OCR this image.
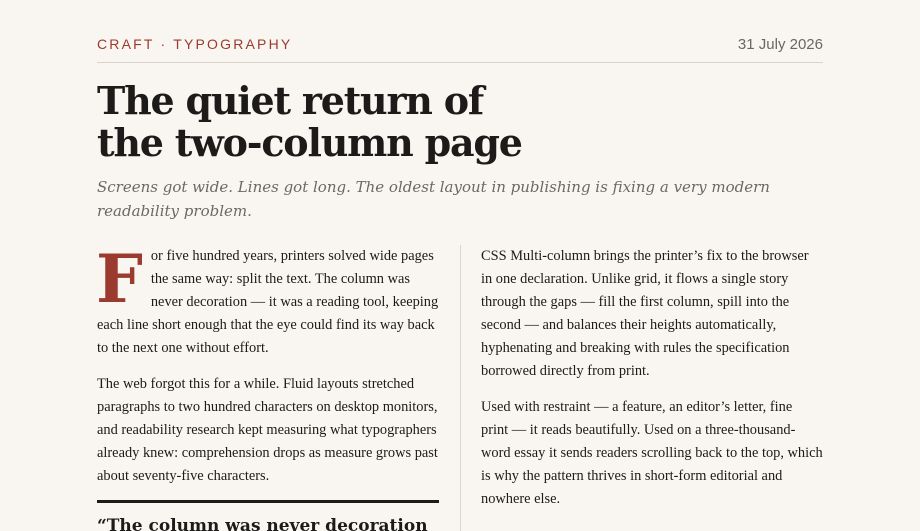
CRAFT · TYPOGRAPHY	31 July 2026
The quiet return of
the two-column page

Screens got wide. Lines got long. The oldest layout in publishing is fixing a very modern readability problem.

For five hundred years, printers solved wide pages the same way: split the text. The column was never decoration — it was a reading tool, keeping each line short enough that the eye could find its way back to the next one without effort.

The web forgot this for a while. Fluid layouts stretched paragraphs to two hundred characters on desktop monitors, and readability research kept measuring what typographers already knew: comprehension drops as measure grows past about seventy-five characters.

CSS Multi-column brings the printer’s fix to the browser in one declaration. Unlike grid, it flows a single story through the gaps — fill the first column, spill into the second — and balances their heights automatically, hyphenating and breaking with rules the specification borrowed directly from print.

Used with restraint — a feature, an editor’s letter, fine print — it reads beautifully. Used on a three-thousand-word essay it sends readers scrolling back to the top, which is why the pattern thrives in short-form editorial and nowhere else.

“The column was never decoration
